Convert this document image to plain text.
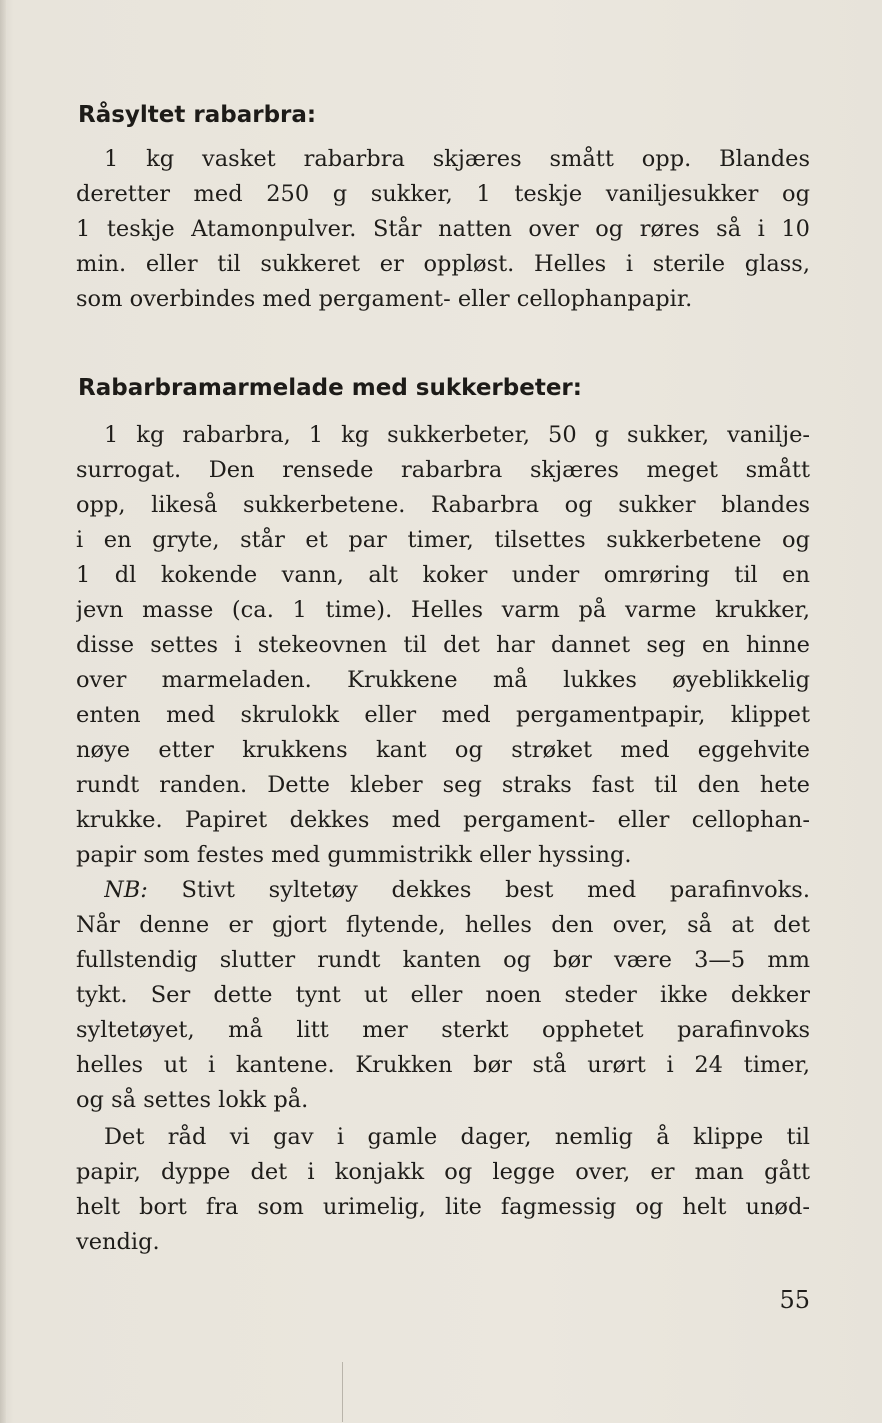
Råsyltet rabarbra:
1 kg vasket rabarbra skjæres smått opp. Blandes
deretter med 250 g sukker, 1 teskje vaniljesukker og
1 teskje Atamonpulver. Står natten over og røres så i 10
min. eller til sukkeret er oppløst. Helles i sterile glass,
som overbindes med pergament- eller cellophanpapir.
Rabarbramarmelade med sukkerbeter:
1 kg rabarbra, 1 kg sukkerbeter, 50 g sukker, vanilje-
surrogat. Den rensede rabarbra skjæres meget smått
opp, likeså sukkerbetene. Rabarbra og sukker blandes
i en gryte, står et par timer, tilsettes sukkerbetene og
1 dl kokende vann, alt koker under omrøring til en
jevn masse (ca. 1 time). Helles varm på varme krukker,
disse settes i stekeovnen til det har dannet seg en hinne
over marmeladen. Krukkene må lukkes øyeblikkelig
enten med skrulokk eller med pergamentpapir, klippet
nøye etter krukkens kant og strøket med eggehvite
rundt randen. Dette kleber seg straks fast til den hete
krukke. Papiret dekkes med pergament- eller cellophan-
papir som festes med gummistrikk eller hyssing.
NB: Stivt syltetøy dekkes best med parafinvoks.
Når denne er gjort flytende, helles den over, så at det
fullstendig slutter rundt kanten og bør være 3—5 mm
tykt. Ser dette tynt ut eller noen steder ikke dekker
syltetøyet, må litt mer sterkt opphetet parafinvoks
helles ut i kantene. Krukken bør stå urørt i 24 timer,
og så settes lokk på.
Det råd vi gav i gamle dager, nemlig å klippe til
papir, dyppe det i konjakk og legge over, er man gått
helt bort fra som urimelig, lite fagmessig og helt unød-
vendig.
55
